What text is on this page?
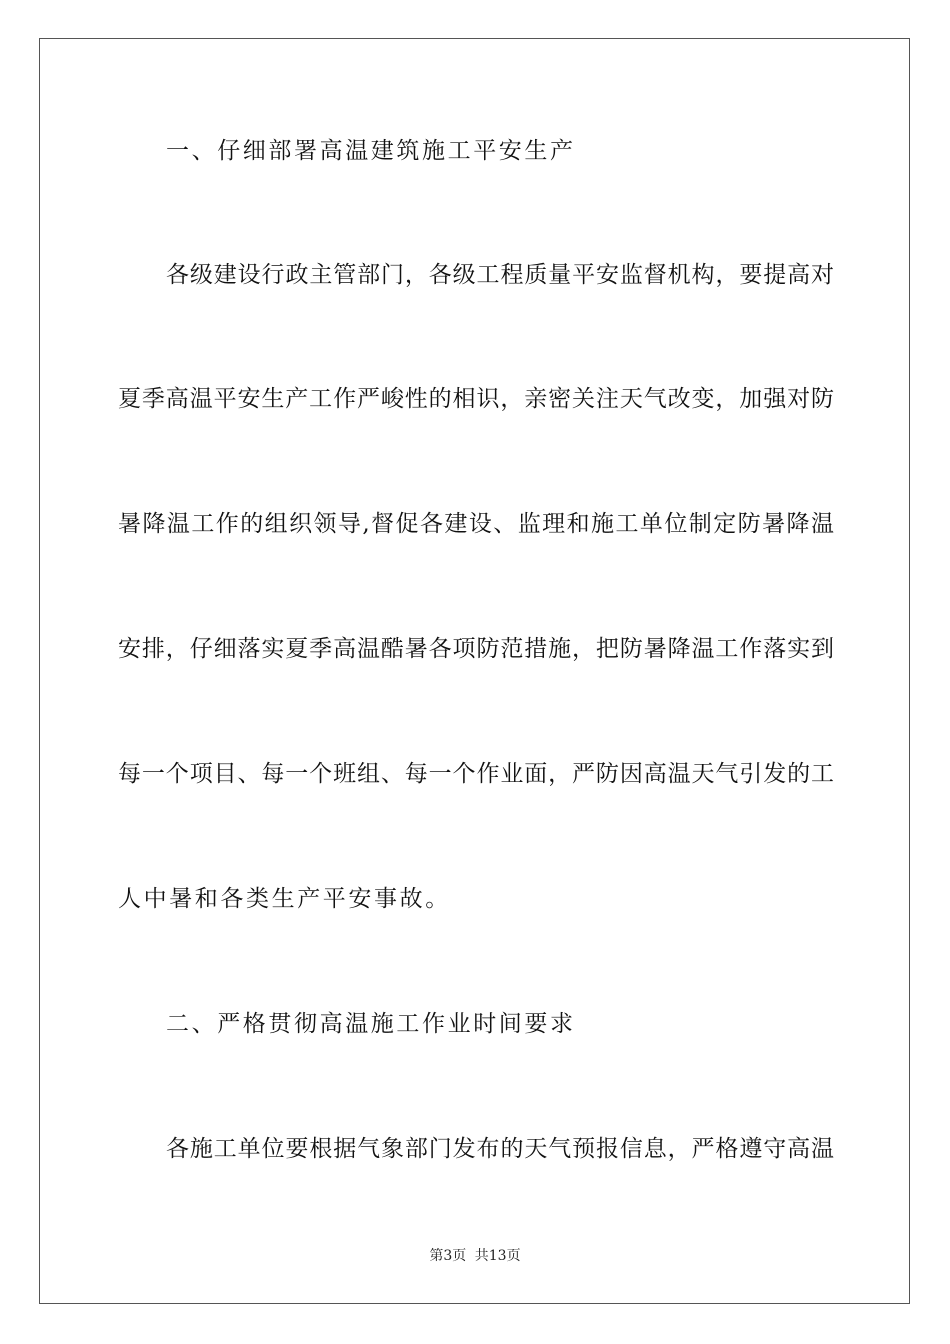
一、仔细部署高温建筑施工平安生产
各级建设行政主管部门，各级工程质量平安监督机构，要提高对
夏季高温平安生产工作严峻性的相识，亲密关注天气改变，加强对防
暑降温工作的组织领导,督促各建设、监理和施工单位制定防暑降温
安排，仔细落实夏季高温酷暑各项防范措施，把防暑降温工作落实到
每一个项目、每一个班组、每一个作业面，严防因高温天气引发的工
人中暑和各类生产平安事故。
二、严格贯彻高温施工作业时间要求
各施工单位要根据气象部门发布的天气预报信息，严格遵守高温
第3页 共13页
